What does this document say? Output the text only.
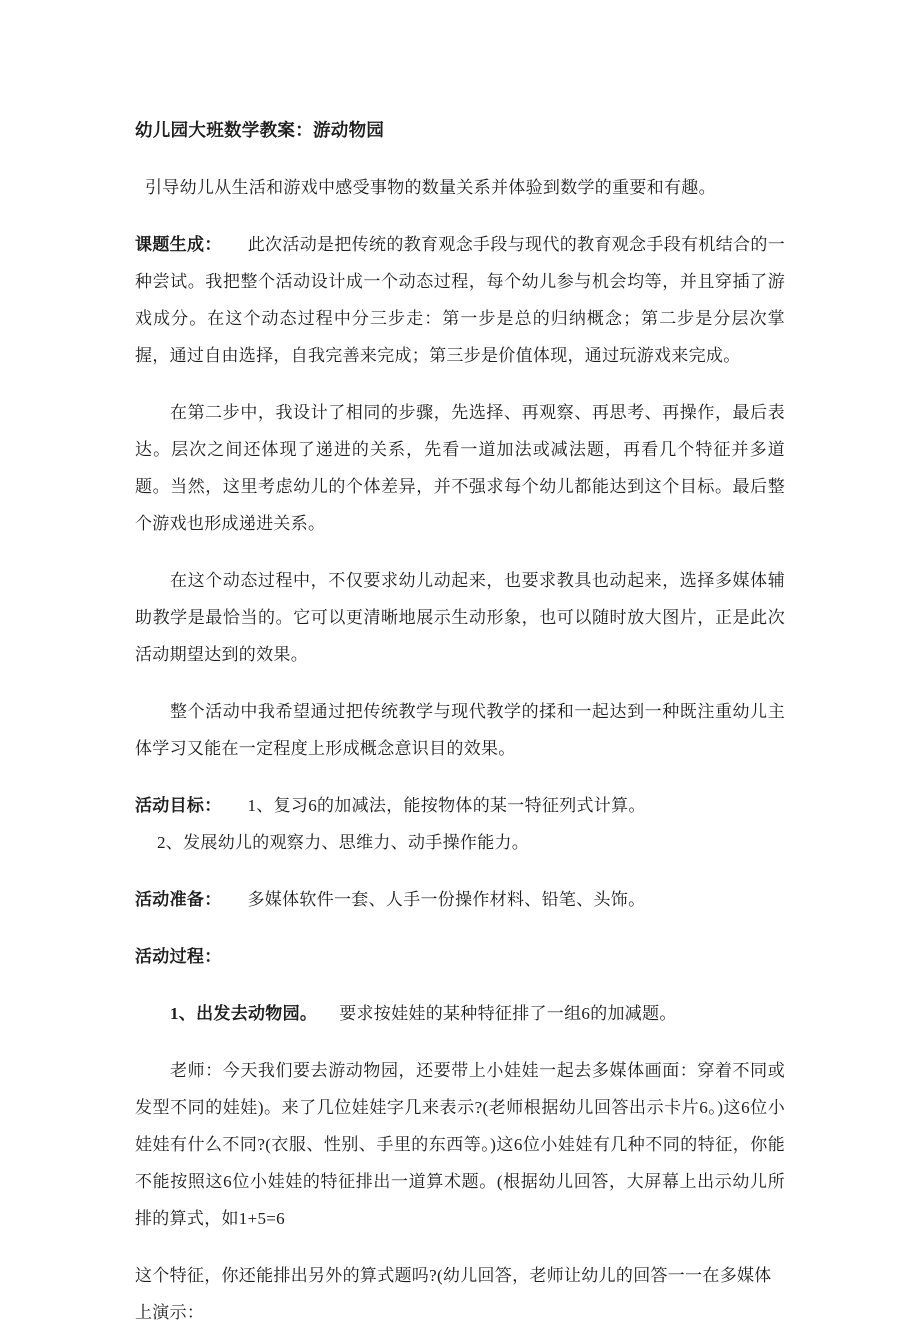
幼儿园大班数学教案：游动物园

引导幼儿从生活和游戏中感受事物的数量关系并体验到数学的重要和有趣。

课题生成： 此次活动是把传统的教育观念手段与现代的教育观念手段有机结合的一种尝试。我把整个活动设计成一个动态过程，每个幼儿参与机会均等，并且穿插了游戏成分。在这个动态过程中分三步走：第一步是总的归纳概念；第二步是分层次掌握，通过自由选择，自我完善来完成；第三步是价值体现，通过玩游戏来完成。

在第二步中，我设计了相同的步骤，先选择、再观察、再思考、再操作，最后表达。层次之间还体现了递进的关系，先看一道加法或减法题，再看几个特征并多道题。当然，这里考虑幼儿的个体差异，并不强求每个幼儿都能达到这个目标。最后整个游戏也形成递进关系。

在这个动态过程中，不仅要求幼儿动起来，也要求教具也动起来，选择多媒体辅助教学是最恰当的。它可以更清晰地展示生动形象，也可以随时放大图片，正是此次活动期望达到的效果。

整个活动中我希望通过把传统教学与现代教学的揉和一起达到一种既注重幼儿主体学习又能在一定程度上形成概念意识目的效果。

活动目标： 1、复习6的加减法，能按物体的某一特征列式计算。

2、发展幼儿的观察力、思维力、动手操作能力。

活动准备： 多媒体软件一套、人手一份操作材料、铅笔、头饰。

活动过程：

1、出发去动物园。 要求按娃娃的某种特征排了一组6的加减题。

老师：今天我们要去游动物园，还要带上小娃娃一起去多媒体画面：穿着不同或发型不同的娃娃)。来了几位娃娃字几来表示?(老师根据幼儿回答出示卡片6。)这6位小娃娃有什么不同?(衣服、性别、手里的东西等。)这6位小娃娃有几种不同的特征，你能不能按照这6位小娃娃的特征排出一道算术题。(根据幼儿回答，大屏幕上出示幼儿所排的算式，如1+5=6

这个特征，你还能排出另外的算式题吗?(幼儿回答，老师让幼儿的回答一一在多媒体上演示：
